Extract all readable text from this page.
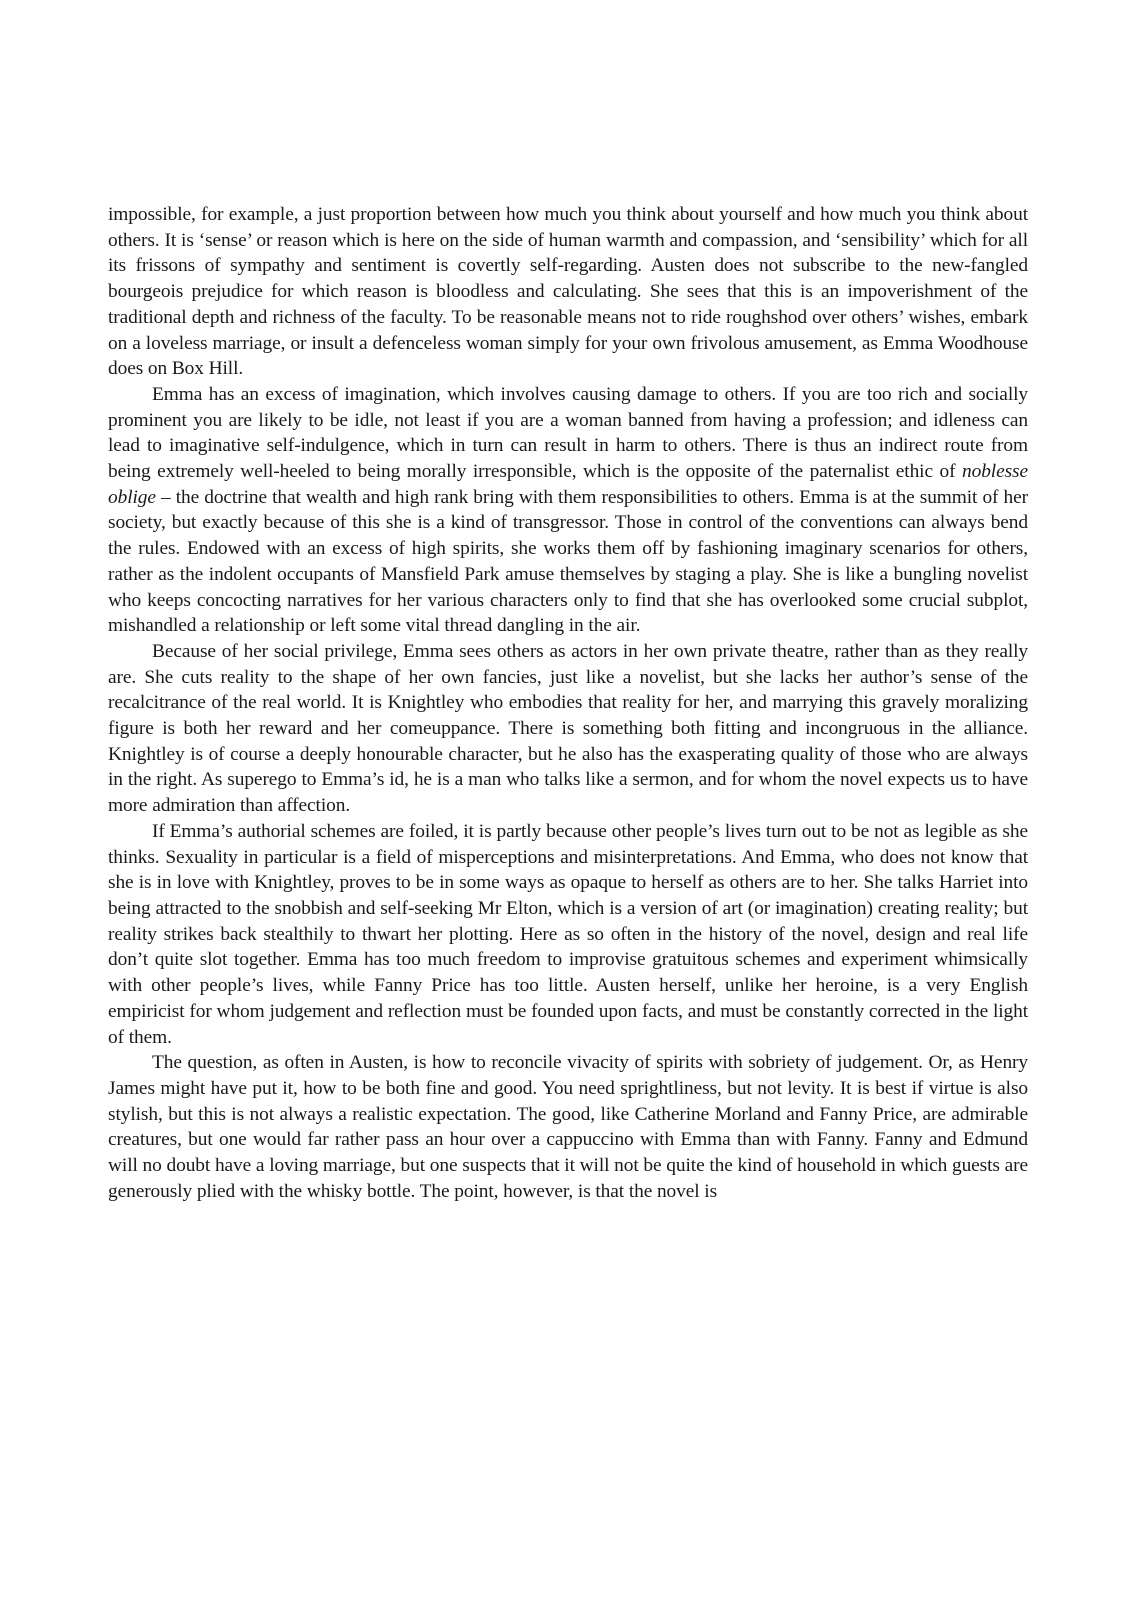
impossible, for example, a just proportion between how much you think about yourself and how much you think about others. It is ‘sense’ or reason which is here on the side of human warmth and compassion, and ‘sensibility’ which for all its frissons of sympathy and sentiment is covertly self-regarding. Austen does not subscribe to the new-fangled bourgeois prejudice for which reason is bloodless and calculating. She sees that this is an impoverishment of the traditional depth and richness of the faculty. To be reasonable means not to ride roughshod over others’ wishes, embark on a loveless marriage, or insult a defenceless woman simply for your own frivolous amusement, as Emma Woodhouse does on Box Hill.

Emma has an excess of imagination, which involves causing damage to others. If you are too rich and socially prominent you are likely to be idle, not least if you are a woman banned from having a profession; and idleness can lead to imaginative self-indulgence, which in turn can result in harm to others. There is thus an indirect route from being extremely well-heeled to being morally irresponsible, which is the opposite of the paternalist ethic of noblesse oblige – the doctrine that wealth and high rank bring with them responsibilities to others. Emma is at the summit of her society, but exactly because of this she is a kind of transgressor. Those in control of the conventions can always bend the rules. Endowed with an excess of high spirits, she works them off by fashioning imaginary scenarios for others, rather as the indolent occupants of Mansfield Park amuse themselves by staging a play. She is like a bungling novelist who keeps concocting narratives for her various characters only to find that she has overlooked some crucial subplot, mishandled a relationship or left some vital thread dangling in the air.

Because of her social privilege, Emma sees others as actors in her own private theatre, rather than as they really are. She cuts reality to the shape of her own fancies, just like a novelist, but she lacks her author’s sense of the recalcitrance of the real world. It is Knightley who embodies that reality for her, and marrying this gravely moralizing figure is both her reward and her comeuppance. There is something both fitting and incongruous in the alliance. Knightley is of course a deeply honourable character, but he also has the exasperating quality of those who are always in the right. As superego to Emma’s id, he is a man who talks like a sermon, and for whom the novel expects us to have more admiration than affection.

If Emma’s authorial schemes are foiled, it is partly because other people’s lives turn out to be not as legible as she thinks. Sexuality in particular is a field of misperceptions and misinterpretations. And Emma, who does not know that she is in love with Knightley, proves to be in some ways as opaque to herself as others are to her. She talks Harriet into being attracted to the snobbish and self-seeking Mr Elton, which is a version of art (or imagination) creating reality; but reality strikes back stealthily to thwart her plotting. Here as so often in the history of the novel, design and real life don’t quite slot together. Emma has too much freedom to improvise gratuitous schemes and experiment whimsically with other people’s lives, while Fanny Price has too little. Austen herself, unlike her heroine, is a very English empiricist for whom judgement and reflection must be founded upon facts, and must be constantly corrected in the light of them.

The question, as often in Austen, is how to reconcile vivacity of spirits with sobriety of judgement. Or, as Henry James might have put it, how to be both fine and good. You need sprightliness, but not levity. It is best if virtue is also stylish, but this is not always a realistic expectation. The good, like Catherine Morland and Fanny Price, are admirable creatures, but one would far rather pass an hour over a cappuccino with Emma than with Fanny. Fanny and Edmund will no doubt have a loving marriage, but one suspects that it will not be quite the kind of household in which guests are generously plied with the whisky bottle. The point, however, is that the novel is
